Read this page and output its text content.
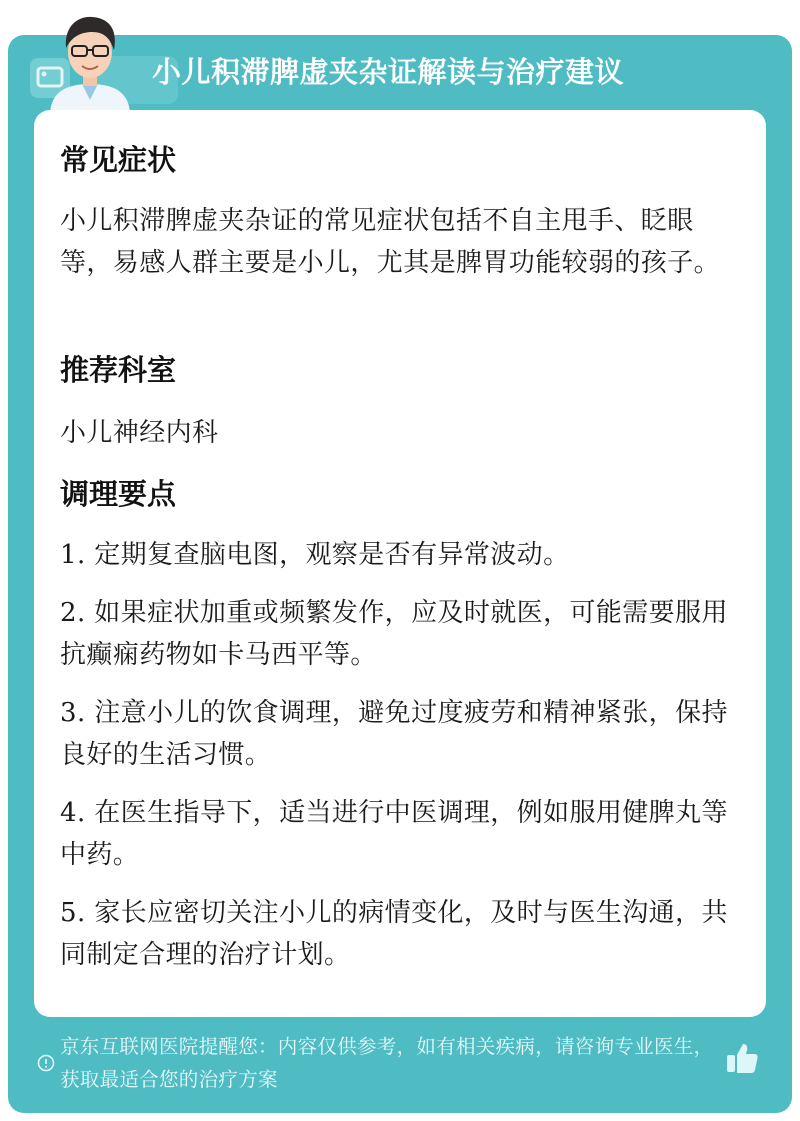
小儿积滞脾虚夹杂证解读与治疗建议
常见症状
小儿积滞脾虚夹杂证的常见症状包括不自主甩手、眨眼等，易感人群主要是小儿，尤其是脾胃功能较弱的孩子。
推荐科室
小儿神经内科
调理要点
1. 定期复查脑电图，观察是否有异常波动。
2. 如果症状加重或频繁发作，应及时就医，可能需要服用抗癫痫药物如卡马西平等。
3. 注意小儿的饮食调理，避免过度疲劳和精神紧张，保持良好的生活习惯。
4. 在医生指导下，适当进行中医调理，例如服用健脾丸等中药。
5. 家长应密切关注小儿的病情变化，及时与医生沟通，共同制定合理的治疗计划。
京东互联网医院提醒您：内容仅供参考，如有相关疾病，请咨询专业医生，获取最适合您的治疗方案
